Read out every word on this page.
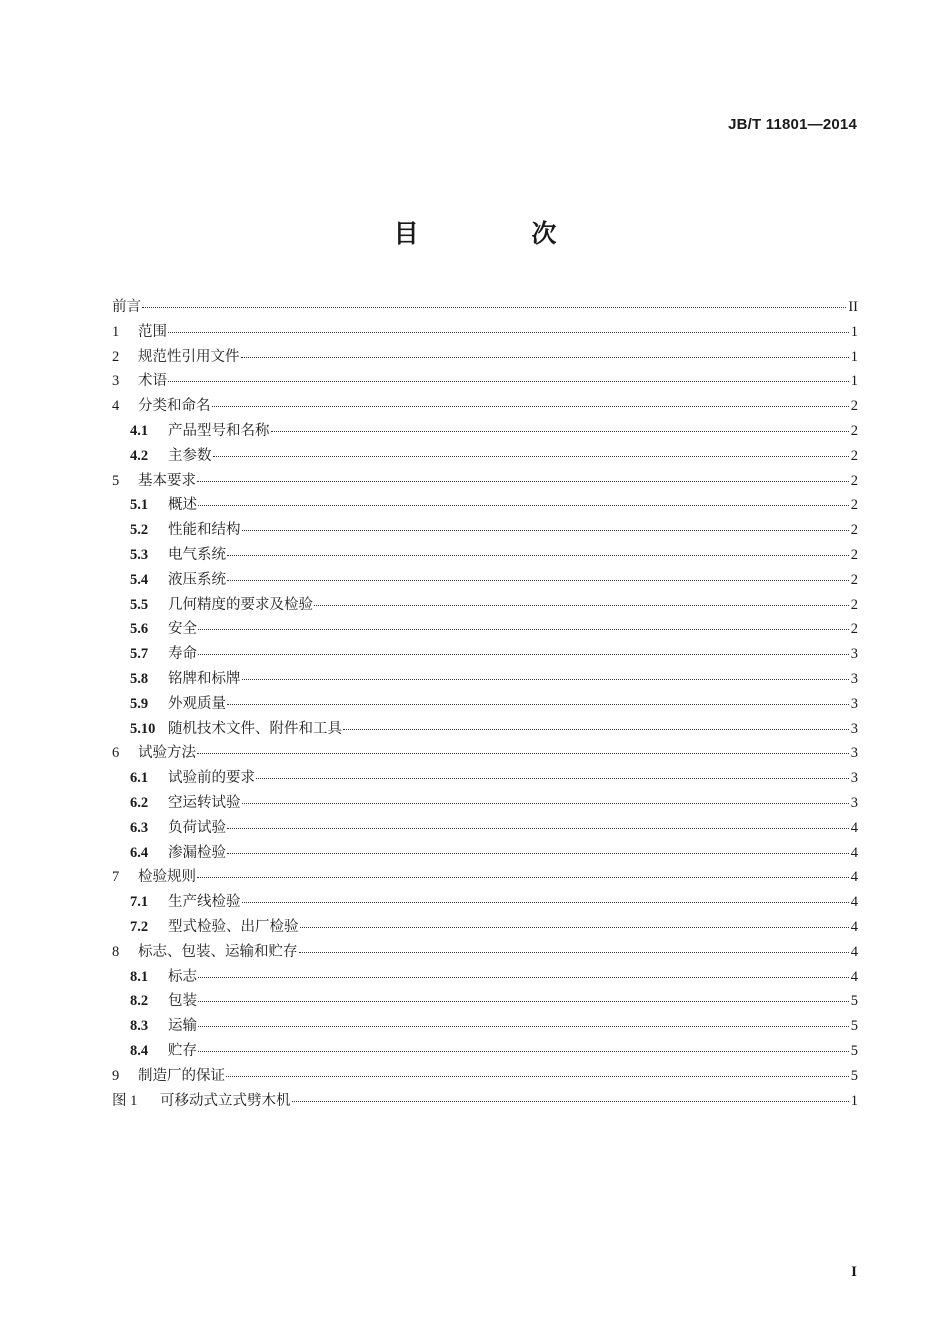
JB/T 11801—2014
目 次
前言	II
1	范围	1
2	规范性引用文件	1
3	术语	1
4	分类和命名	2
4.1	产品型号和名称	2
4.2	主参数	2
5	基本要求	2
5.1	概述	2
5.2	性能和结构	2
5.3	电气系统	2
5.4	液压系统	2
5.5	几何精度的要求及检验	2
5.6	安全	2
5.7	寿命	3
5.8	铭牌和标牌	3
5.9	外观质量	3
5.10 随机技术文件、附件和工具	3
6	试验方法	3
6.1	试验前的要求	3
6.2	空运转试验	3
6.3	负荷试验	4
6.4	渗漏检验	4
7	检验规则	4
7.1	生产线检验	4
7.2	型式检验、出厂检验	4
8	标志、包装、运输和贮存	4
8.1	标志	4
8.2	包装	5
8.3	运输	5
8.4	贮存	5
9	制造厂的保证	5
图 1	可移动式立式劈木机	1
I
